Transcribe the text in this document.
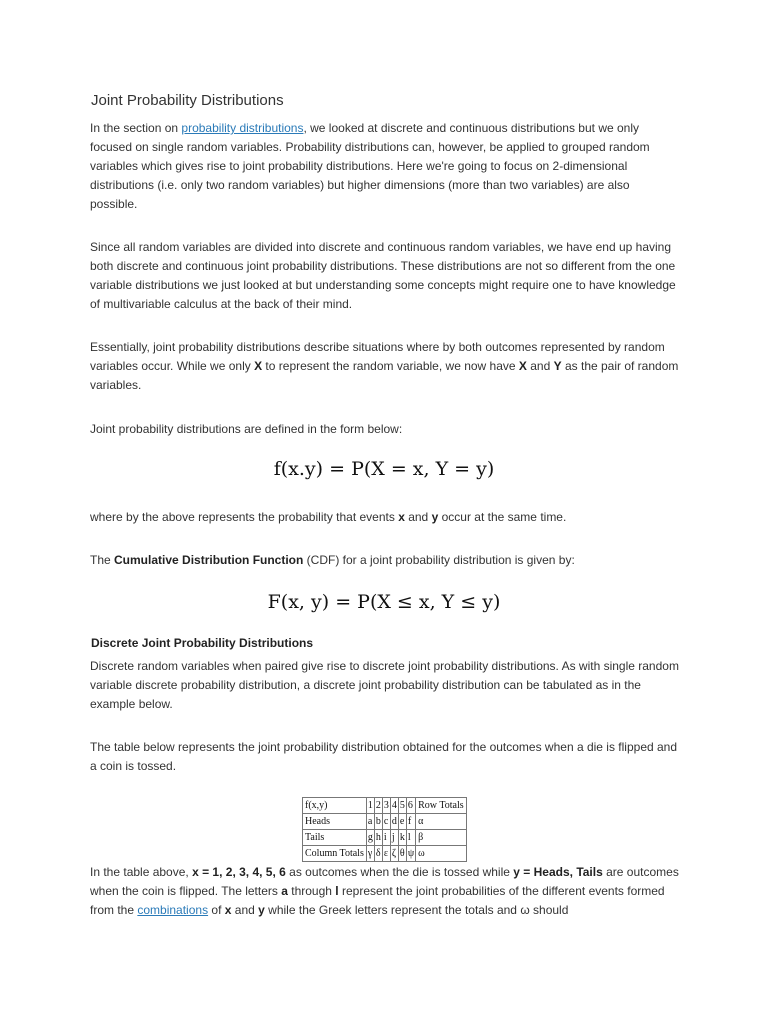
Joint Probability Distributions

In the section on probability distributions, we looked at discrete and continuous distributions but we only focused on single random variables. Probability distributions can, however, be applied to grouped random variables which gives rise to joint probability distributions. Here we're going to focus on 2-dimensional distributions (i.e. only two random variables) but higher dimensions (more than two variables) are also possible.

Since all random variables are divided into discrete and continuous random variables, we have end up having both discrete and continuous joint probability distributions. These distributions are not so different from the one variable distributions we just looked at but understanding some concepts might require one to have knowledge of multivariable calculus at the back of their mind.

Essentially, joint probability distributions describe situations where by both outcomes represented by random variables occur. While we only X to represent the random variable, we now have X and Y as the pair of random variables.

Joint probability distributions are defined in the form below:

f(x.y) = P(X = x, Y = y)

where by the above represents the probability that events x and y occur at the same time.

The Cumulative Distribution Function (CDF) for a joint probability distribution is given by:

F(x, y) = P(X ≤ x, Y ≤ y)
Discrete Joint Probability Distributions

Discrete random variables when paired give rise to discrete joint probability distributions. As with single random variable discrete probability distribution, a discrete joint probability distribution can be tabulated as in the example below.

The table below represents the joint probability distribution obtained for the outcomes when a die is flipped and a coin is tossed.

f(x,y)	1	2	3	4	5	6	Row Totals
Heads	a	b	c	d	e	f	α
Tails	g	h	i	j	k	l	β
Column Totals	γ	δ	ε	ζ	θ	ψ	ω

In the table above, x = 1, 2, 3, 4, 5, 6 as outcomes when the die is tossed while y = Heads, Tails are outcomes when the coin is flipped. The letters a through l represent the joint probabilities of the different events formed from the combinations of x and y while the Greek letters represent the totals and ω should
